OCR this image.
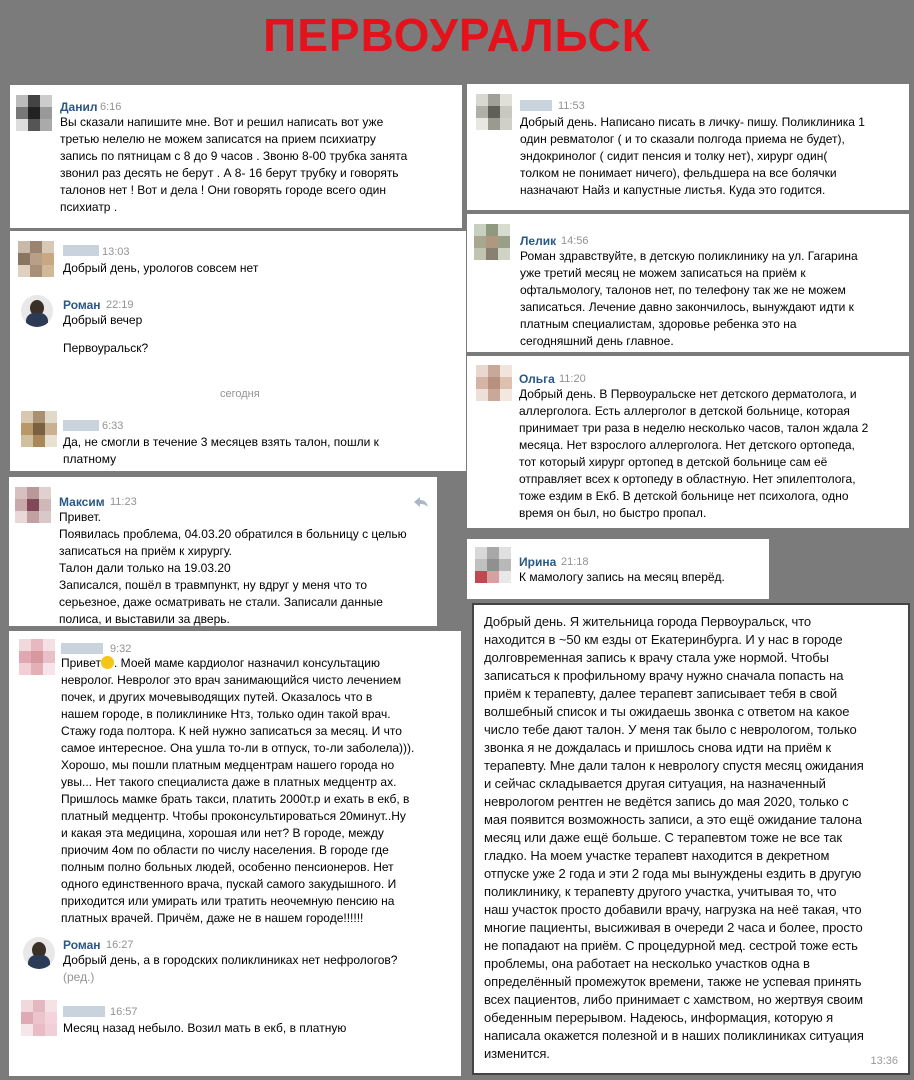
ПЕРВОУРАЛЬСК
Данил 6:16

Вы сказали напишите мне. Вот и решил написать вот уже
третью нелелю не можем записатся на прием психиатру
запись по пятницам с 8 до 9 часов . Звоню 8-00 трубка занята
звонил раз десять не берут . А 8- 16 берут трубку и говорять
талонов нет ! Вот и дела ! Они говорять городе всего один
психиатр .

13:03
Добрый день, урологов совсем нет
Роман 22:19
Добрый вечер
Первоуральск?
сегодня
6:33

Да, не смогли в течение 3 месяцев взять талон, пошли к
платному

Максим 11:23

Привет.
Появилась проблема, 04.03.20 обратился в больницу с целью
записаться на приём к хирургу.
Талон дали только на 19.03.20
Записался, пошёл в травмпункт, ну вдруг у меня что то
серьезное, даже осматривать не стали. Записали данные
полиса, и выставили за дверь.

9:32
Привет . Моей маме кардиолог назначил консультацию
невролог. Невролог это врач занимающийся чисто лечением
почек, и других мочевыводящих путей. Оказалось что в
нашем городе, в поликлинике Нтз, только один такой врач.
Стажу года полтора. К ней нужно записаться за месяц. И что
самое интересное. Она ушла то-ли в отпуск, то-ли заболела))).
Хорошо, мы пошли платным медцентрам нашего города но
увы... Нет такого специалиста даже в платных медцентр ах.
Пришлось мамке брать такси, платить 2000т.р и ехать в екб, в
платный медцентр. Чтобы проконсультироваться 20минут..Ну
и какая эта медицина, хорошая или нет? В городе, между
приочим 4ом по области по числу населения. В городе где
полным полно больных людей, особенно пенсионеров. Нет
одного единственного врача, пускай самого закудышного. И
приходится или умирать или тратить неочемную пенсию на
платных врачей. Причём, даже не в нашем городе!!!!!!
Роман 16:27
Добрый день, а в городских поликлиниках нет нефрологов?
(ред.)
16:57
Месяц назад небыло. Возил мать в екб, в платную
11:53

Добрый день. Написано писать в личку- пишу. Поликлиника 1
один ревматолог ( и то сказали полгода приема не будет),
эндокринолог ( сидит пенсия и толку нет), хирург один(
толком не понимает ничего), фельдшера на все болячки
назначают Найз и капустные листья. Куда это годится.

Лелик 14:56

Роман здравствуйте, в детскую поликлинику на ул. Гагарина
уже третий месяц не можем записаться на приём к
офтальмологу, талонов нет, по телефону так же не можем
записаться. Лечение давно закончилось, вынуждают идти к
платным специалистам, здоровье ребенка это на
сегодняшний день главное.

Ольга 11:20

Добрый день. В Первоуральске нет детского дерматолога, и
аллерголога. Есть аллерголог в детской больнице, которая
принимает три раза в неделю несколько часов, талон ждала 2
месяца. Нет взрослого аллерголога. Нет детского ортопеда,
тот который хирург ортопед в детской больнице сам её
отправляет всех к ортопеду в областную. Нет эпилептолога,
тоже ездим в Екб. В детской больнице нет психолога, одно
время он был, но быстро пропал.

Ирина 21:18
К мамологу запись на месяц вперёд.
Добрый день. Я жительница города Первоуральск, что
находится в ~50 км езды от Екатеринбурга. И у нас в городе
долговременная запись к врачу стала уже нормой. Чтобы
записаться к профильному врачу нужно сначала попасть на
приём к терапевту, далее терапевт записывает тебя в свой
волшебный список и ты ожидаешь звонка с ответом на какое
число тебе дают талон. У меня так было с неврологом, только
звонка я не дождалась и пришлось снова идти на приём к
терапевту. Мне дали талон к неврологу спустя месяц ожидания
и сейчас складывается другая ситуация, на назначенный
неврологом рентген не ведётся запись до мая 2020, только с
мая появится возможность записи, а это ещё ожидание талона
месяц или даже ещё больше. С терапевтом тоже не все так
гладко. На моем участке терапевт находится в декретном
отпуске уже 2 года и эти 2 года мы вынуждены ездить в другую
поликлинику, к терапевту другого участка, учитывая то, что
наш участок просто добавили врачу, нагрузка на неё такая, что
многие пациенты, высиживая в очереди 2 часа и более, просто
не попадают на приём. С процедурной мед. сестрой тоже есть
проблемы, она работает на несколько участков одна в
определённый промежуток времени, также не успевая принять
всех пациентов, либо принимает с хамством, но жертвуя своим
обеденным перерывом. Надеюсь, информация, которую я
написала окажется полезной и в наших поликлиниках ситуация
изменится.	13:36
